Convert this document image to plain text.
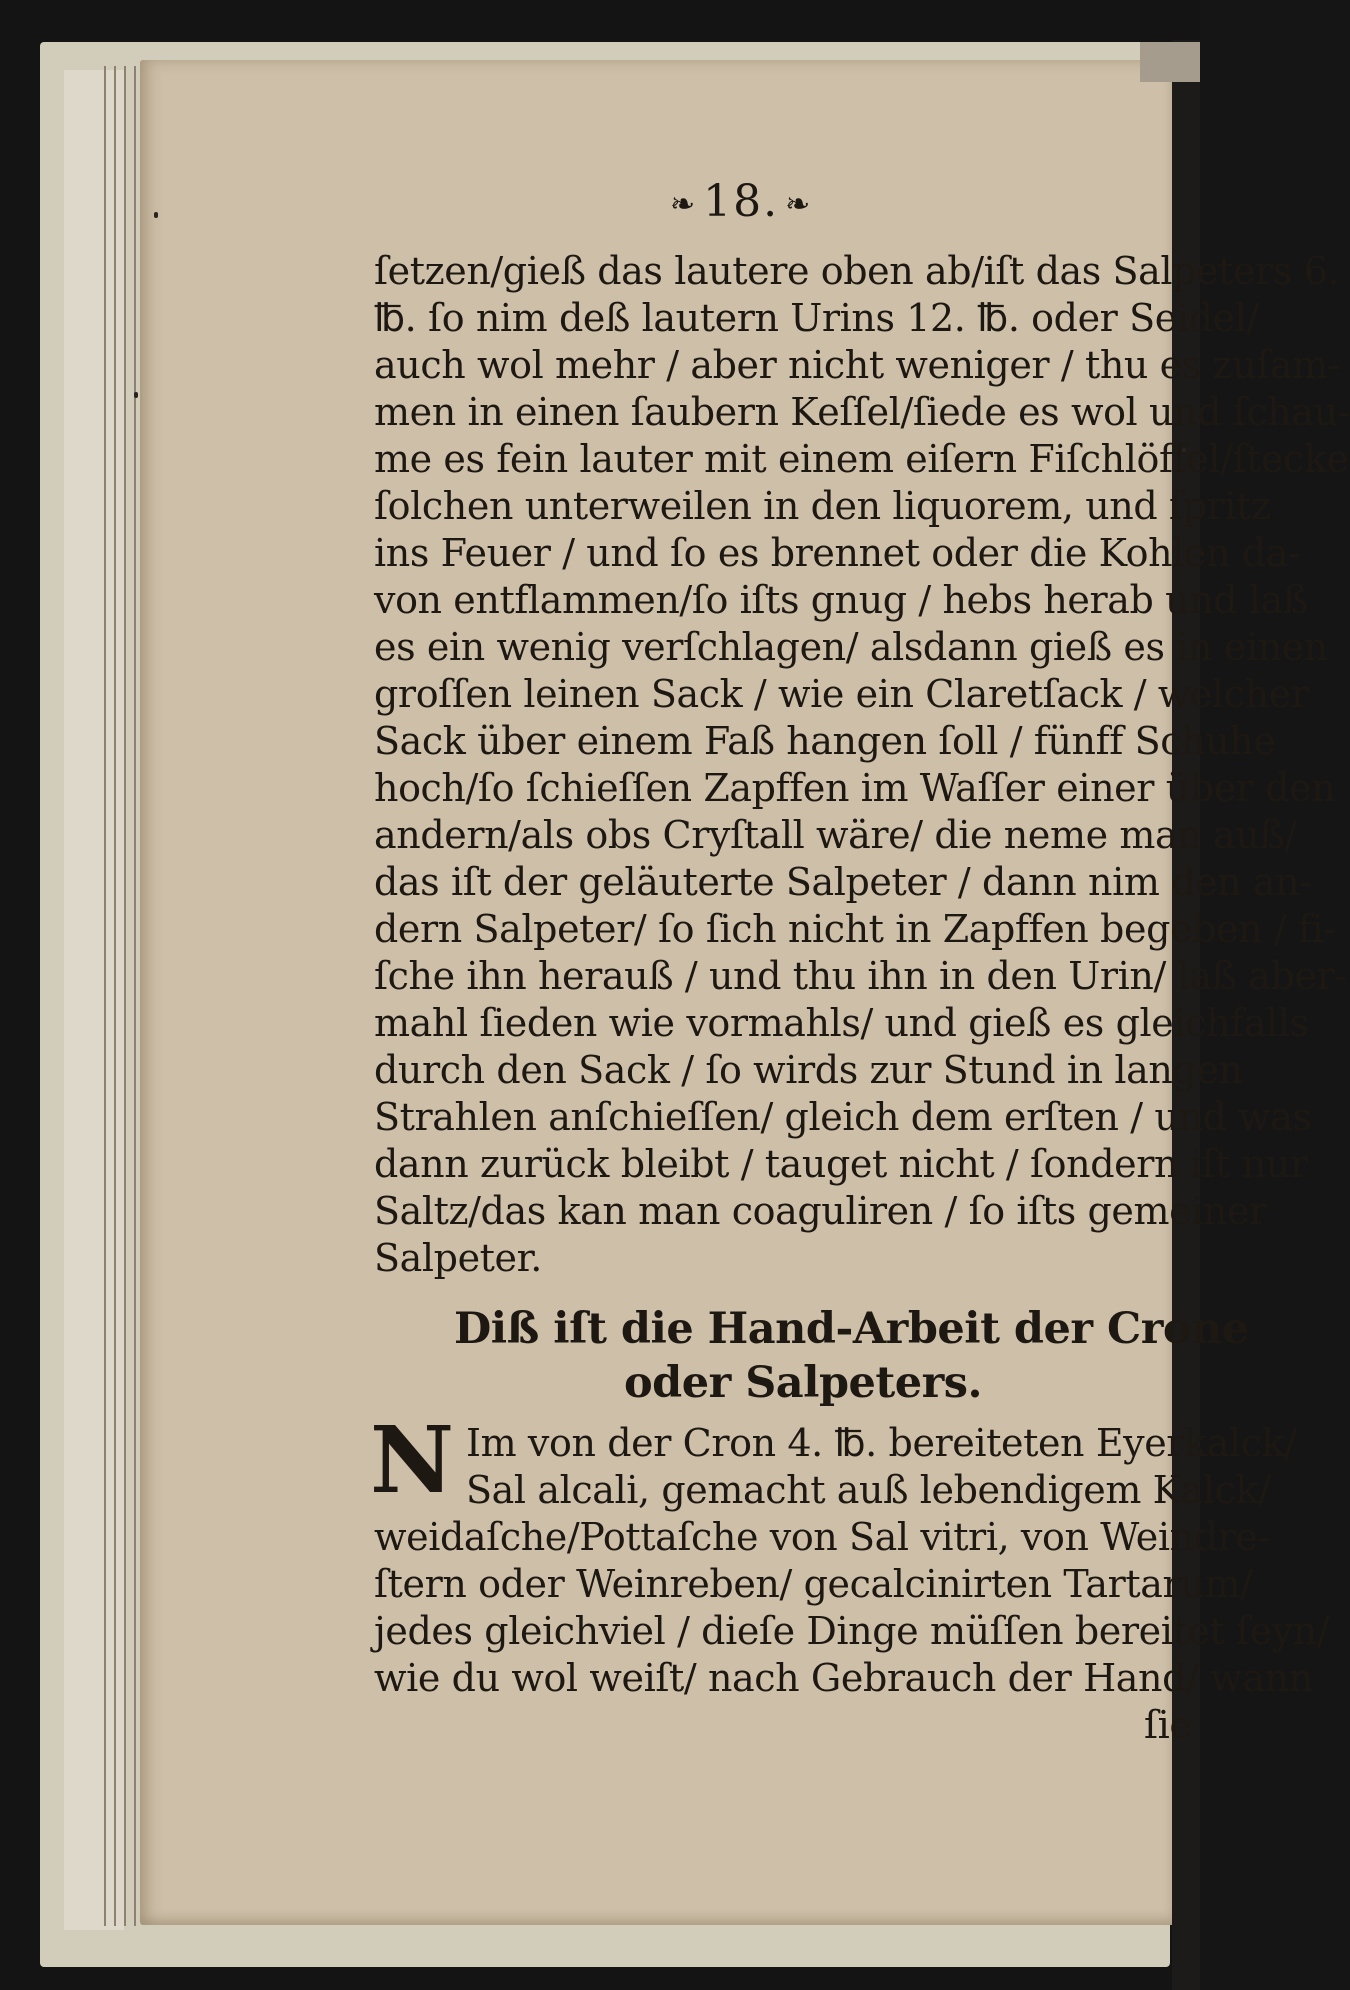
❧ 18. ❧
ſetzen/gieß das lautere oben ab/iſt das Salpeters 6.
℔. ſo nim deß lautern Urins 12. ℔. oder Seidel/
auch wol mehr / aber nicht weniger / thu es zuſam-
men in einen ſaubern Keſſel/ſiede es wol und ſchau-
me es fein lauter mit einem eiſern Fiſchlöffel/ſtecke
ſolchen unterweilen in den liquorem, und ſpritz
ins Feuer / und ſo es brennet oder die Kohlen da-
von entflammen/ſo iſts gnug / hebs herab und laß
es ein wenig verſchlagen/ alsdann gieß es in einen
groſſen leinen Sack / wie ein Claretſack / welcher
Sack über einem Faß hangen ſoll / fünff Schuhe
hoch/ſo ſchieſſen Zapffen im Waſſer einer über den
andern/als obs Cryſtall wäre/ die neme man auß/
das iſt der geläuterte Salpeter / dann nim den an-
dern Salpeter/ ſo ſich nicht in Zapffen begeben / fi-
ſche ihn herauß / und thu ihn in den Urin/ laß aber-
mahl ſieden wie vormahls/ und gieß es gleichfalls
durch den Sack / ſo wirds zur Stund in langen
Strahlen anſchieſſen/ gleich dem erſten / und was
dann zurück bleibt / tauget nicht / ſondern iſt nur
Saltz/das kan man coaguliren / ſo iſts gemeiner
Salpeter.
Diß iſt die Hand-Arbeit der Crone
oder Salpeters.
N Im von der Cron 4. ℔. bereiteten Eyerkalck/
Sal alcali, gemacht auß lebendigem Kalck/
weidaſche/Pottaſche von Sal vitri, von Weindre-
ſtern oder Weinreben/ gecalcinirten Tartarum/
jedes gleichviel / dieſe Dinge müſſen bereitet ſeyn/
wie du wol weiſt/ nach Gebrauch der Hand/ wann
ſie
